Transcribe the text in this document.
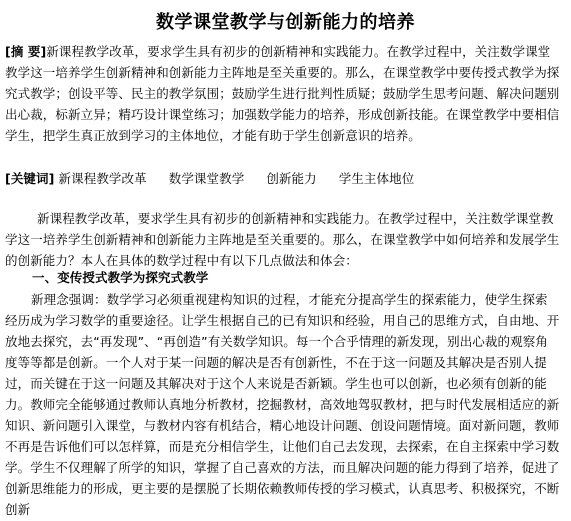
数学课堂教学与创新能力的培养
[摘 要]新课程教学改革，要求学生具有初步的创新精神和实践能力。在教学过程中，关注数学课堂教学这一培养学生创新精神和创新能力主阵地是至关重要的。那么，在课堂教学中要传授式教学为探究式教学；创设平等、民主的教学氛围；鼓励学生进行批判性质疑；鼓励学生思考问题、解决问题别出心裁，标新立异；精巧设计课堂练习；加强数学能力的培养，形成创新技能。在课堂教学中要相信学生，把学生真正放到学习的主体地位，才能有助于学生创新意识的培养。
[关键词] 新课程教学改革 数学课堂教学 创新能力 学生主体地位
新课程教学改革，要求学生具有初步的创新精神和实践能力。在教学过程中，关注数学课堂教学这一培养学生创新精神和创新能力主阵地是至关重要的。那么，在课堂教学中如何培养和发展学生的创新能力？本人在具体的数学过程中有以下几点做法和体会：
一、变传授式教学为探究式教学
新理念强调：数学学习必须重视建构知识的过程，才能充分提高学生的探索能力，使学生探索经历成为学习数学的重要途径。让学生根据自己的已有知识和经验，用自己的思维方式，自由地、开放地去探究，去“再发现”、“再创造”有关数学知识。每一个合乎情理的新发现，别出心裁的观察角度等等都是创新。一个人对于某一问题的解决是否有创新性，不在于这一问题及其解决是否别人提过，而关键在于这一问题及其解决对于这个人来说是否新颖。学生也可以创新，也必须有创新的能力。教师完全能够通过教师认真地分析教材，挖掘教材，高效地驾驭教材，把与时代发展相适应的新知识、新问题引入课堂，与教材内容有机结合，精心地设计问题、创设问题情境。面对新问题，教师不再是告诉他们可以怎样算，而是充分相信学生，让他们自己去发现，去探索，在自主探索中学习数学。学生不仅理解了所学的知识，掌握了自己喜欢的方法，而且解决问题的能力得到了培养，促进了创新思维能力的形成，更主要的是摆脱了长期依赖教师传授的学习模式，认真思考、积极探究，不断创新
